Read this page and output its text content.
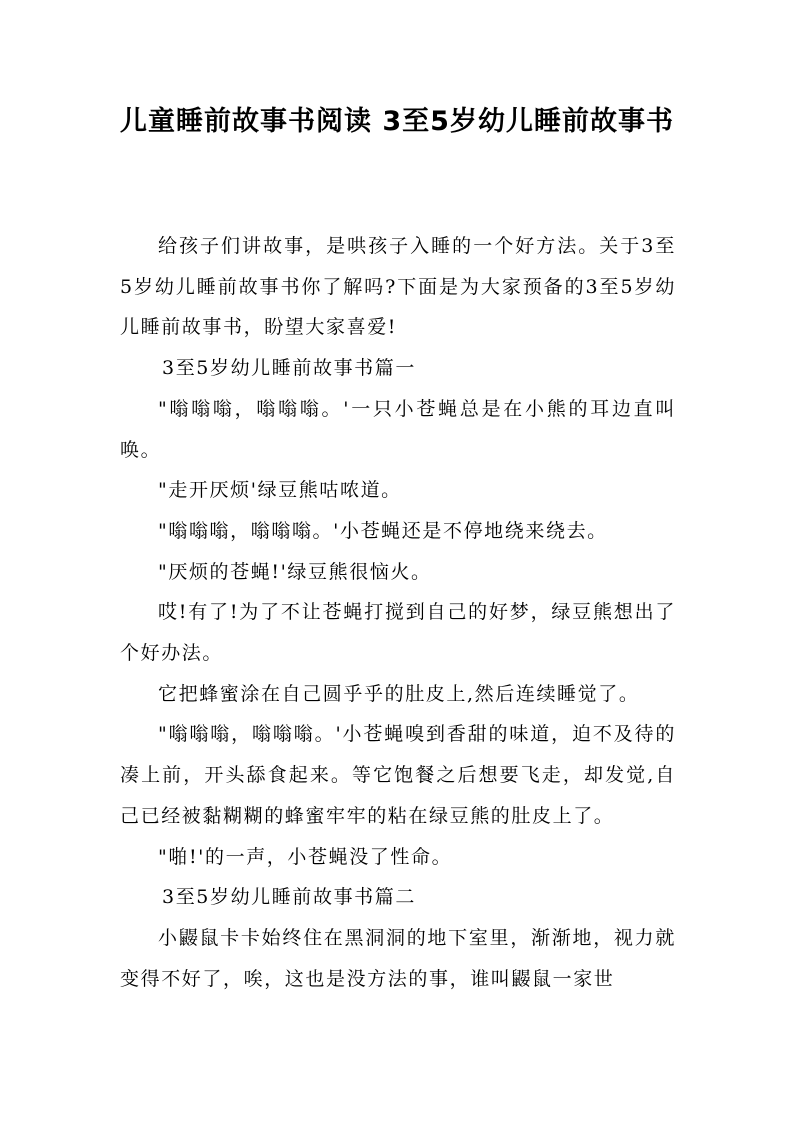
儿童睡前故事书阅读 3至5岁幼儿睡前故事书

给孩子们讲故事，是哄孩子入睡的一个好方法。关于3至5岁幼儿睡前故事书你了解吗?下面是为大家预备的3至5岁幼儿睡前故事书，盼望大家喜爱!

3至5岁幼儿睡前故事书篇一

"嗡嗡嗡，嗡嗡嗡。'一只小苍蝇总是在小熊的耳边直叫唤。

"走开厌烦'绿豆熊咕哝道。

"嗡嗡嗡，嗡嗡嗡。'小苍蝇还是不停地绕来绕去。

"厌烦的苍蝇!'绿豆熊很恼火。

哎!有了!为了不让苍蝇打搅到自己的好梦，绿豆熊想出了个好办法。

它把蜂蜜涂在自己圆乎乎的肚皮上,然后连续睡觉了。

"嗡嗡嗡，嗡嗡嗡。'小苍蝇嗅到香甜的味道，迫不及待的凑上前，开头舔食起来。等它饱餐之后想要飞走，却发觉,自己已经被黏糊糊的蜂蜜牢牢的粘在绿豆熊的肚皮上了。

"啪!'的一声，小苍蝇没了性命。

3至5岁幼儿睡前故事书篇二

小鼹鼠卡卡始终住在黑洞洞的地下室里，渐渐地，视力就变得不好了，唉，这也是没方法的事，谁叫鼹鼠一家世
